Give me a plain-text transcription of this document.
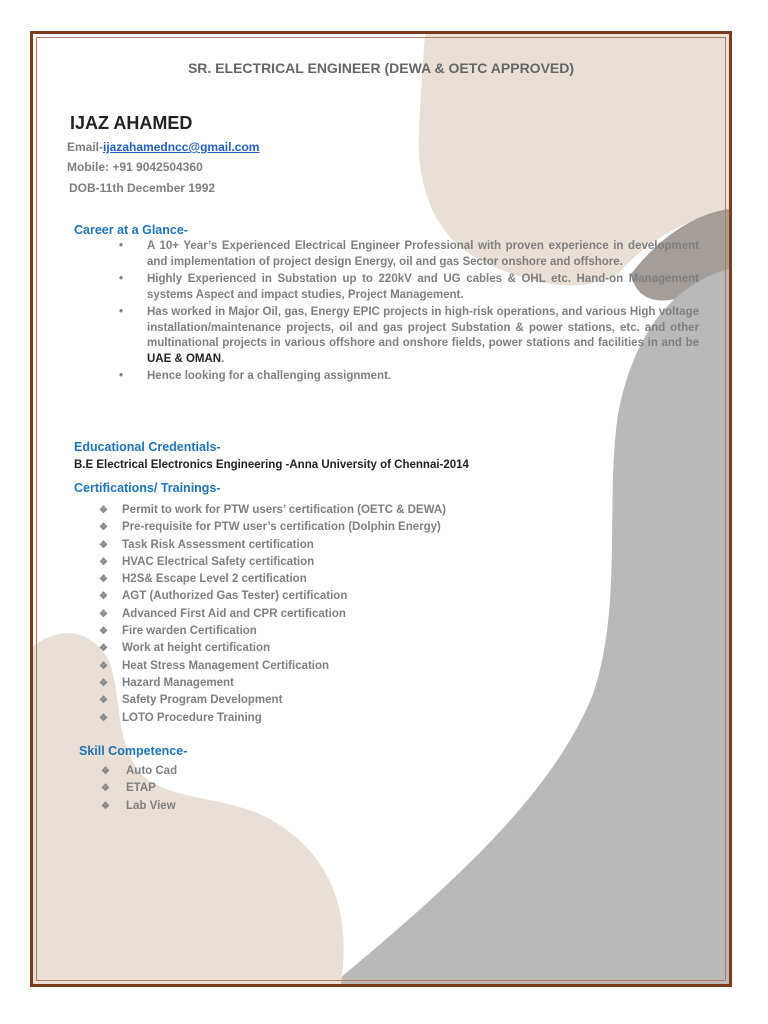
SR. ELECTRICAL ENGINEER (DEWA & OETC APPROVED)
IJAZ AHAMED
Email-ijazahamedncc@gmail.com
Mobile: +91 9042504360
DOB-11th December 1992
Career at a Glance-
• A 10+ Year’s Experienced Electrical Engineer Professional with proven experience in development and implementation of project design Energy, oil and gas Sector onshore and offshore.
• Highly Experienced in Substation up to 220kV and UG cables & OHL etc. Hand-on Management systems Aspect and impact studies, Project Management.
• Has worked in Major Oil, gas, Energy EPIC projects in high-risk operations, and various High voltage installation/maintenance projects, oil and gas project Substation & power stations, etc. and other multinational projects in various offshore and onshore fields, power stations and facilities in and be UAE & OMAN.
• Hence looking for a challenging assignment.
Educational Credentials-
B.E Electrical Electronics Engineering -Anna University of Chennai-2014
Certifications/ Trainings-
❖ Permit to work for PTW users’ certification (OETC & DEWA)
❖ Pre-requisite for PTW user’s certification (Dolphin Energy)
❖ Task Risk Assessment certification
❖ HVAC Electrical Safety certification
❖ H2S& Escape Level 2 certification
❖ AGT (Authorized Gas Tester) certification
❖ Advanced First Aid and CPR certification
❖ Fire warden Certification
❖ Work at height certification
❖ Heat Stress Management Certification
❖ Hazard Management
❖ Safety Program Development
❖ LOTO Procedure Training
Skill Competence-
❖ Auto Cad
❖ ETAP
❖ Lab View
